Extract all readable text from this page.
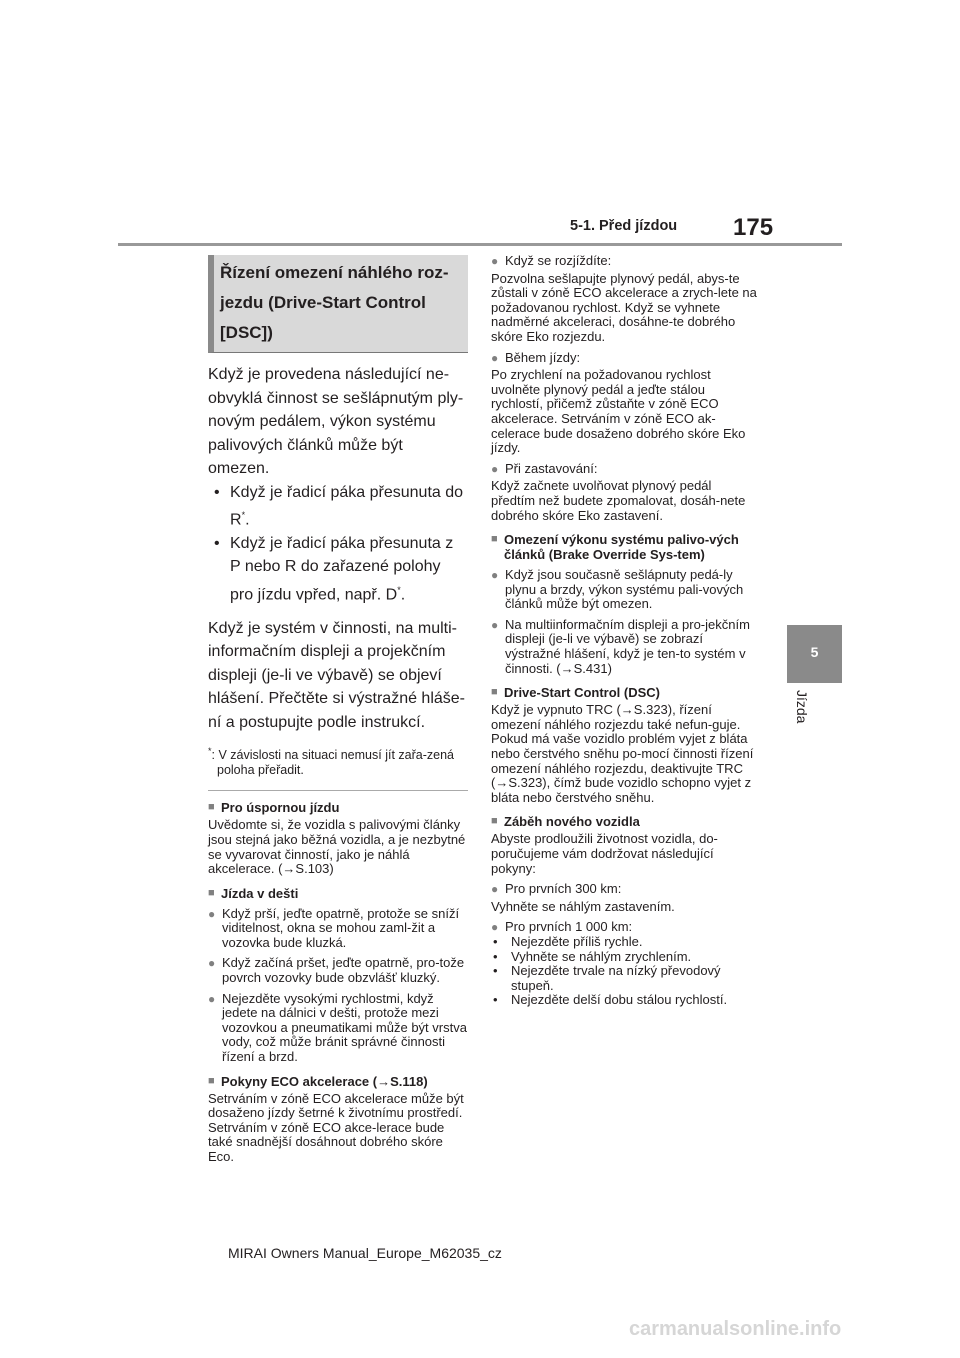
5-1. Před jízdou 175
5
Jízda
Řízení omezení náhlého roz-
jezdu (Drive-Start Control
[DSC])
Když je provedena následující ne-obvyklá činnost se sešlápnutým ply-novým pedálem, výkon systému palivových článků může být omezen.
• Když je řadicí páka přesunuta do R*.
• Když je řadicí páka přesunuta z P nebo R do zařazené polohy pro jízdu vpřed, např. D*.
Když je systém v činnosti, na multi-informačním displeji a projekčním displeji (je-li ve výbavě) se objeví hlášení. Přečtěte si výstražné hláše-ní a postupujte podle instrukcí.
*: V závislosti na situaci nemusí jít zařa-zená poloha přeřadit.
■ Pro úspornou jízdu
Uvědomte si, že vozidla s palivovými články jsou stejná jako běžná vozidla, a je nezbytné se vyvarovat činností, jako je náhlá akcelerace. (→S.103)
■ Jízda v dešti
● Když prší, jeďte opatrně, protože se sníží viditelnost, okna se mohou zaml-žit a vozovka bude kluzká.
● Když začíná pršet, jeďte opatrně, pro-tože povrch vozovky bude obzvlášť kluzký.
● Nejezděte vysokými rychlostmi, když jedete na dálnici v dešti, protože mezi vozovkou a pneumatikami může být vrstva vody, což může bránit správné činnosti řízení a brzd.
■ Pokyny ECO akcelerace (→S.118)
Setrváním v zóně ECO akcelerace může být dosaženo jízdy šetrné k životnímu prostředí. Setrváním v zóně ECO akce-lerace bude také snadnější dosáhnout dobrého skóre Eco.
● Když se rozjíždíte:
Pozvolna sešlapujte plynový pedál, abys-te zůstali v zóně ECO akcelerace a zrych-lete na požadovanou rychlost. Když se vyhnete nadměrné akceleraci, dosáhne-te dobrého skóre Eko rozjezdu.
● Během jízdy:
Po zrychlení na požadovanou rychlost uvolněte plynový pedál a jeďte stálou rychlostí, přičemž zůstaňte v zóně ECO akcelerace. Setrváním v zóně ECO ak-celerace bude dosaženo dobrého skóre Eko jízdy.
● Při zastavování:
Když začnete uvolňovat plynový pedál předtím než budete zpomalovat, dosáh-nete dobrého skóre Eko zastavení.
■ Omezení výkonu systému palivo-vých článků (Brake Override Sys-tem)
● Když jsou současně sešlápnuty pedá-ly plynu a brzdy, výkon systému pali-vových článků může být omezen.
● Na multiinformačním displeji a pro-jekčním displeji (je-li ve výbavě) se zobrazí výstražné hlášení, když je ten-to systém v činnosti. (→S.431)
■ Drive-Start Control (DSC)
Když je vypnuto TRC (→S.323), řízení omezení náhlého rozjezdu také nefun-guje. Pokud má vaše vozidlo problém vyjet z bláta nebo čerstvého sněhu po-mocí činnosti řízení omezení náhlého rozjezdu, deaktivujte TRC (→S.323), čímž bude vozidlo schopno vyjet z bláta nebo čerstvého sněhu.
■ Záběh nového vozidla
Abyste prodloužili životnost vozidla, do-poručujeme vám dodržovat následující pokyny:
● Pro prvních 300 km:
Vyhněte se náhlým zastavením.
● Pro prvních 1 000 km:
• Nejezděte příliš rychle.
• Vyhněte se náhlým zrychlením.
• Nejezděte trvale na nízký převodový stupeň.
• Nejezděte delší dobu stálou rychlostí.
MIRAI Owners Manual_Europe_M62035_cz
carmanualsonline.info
